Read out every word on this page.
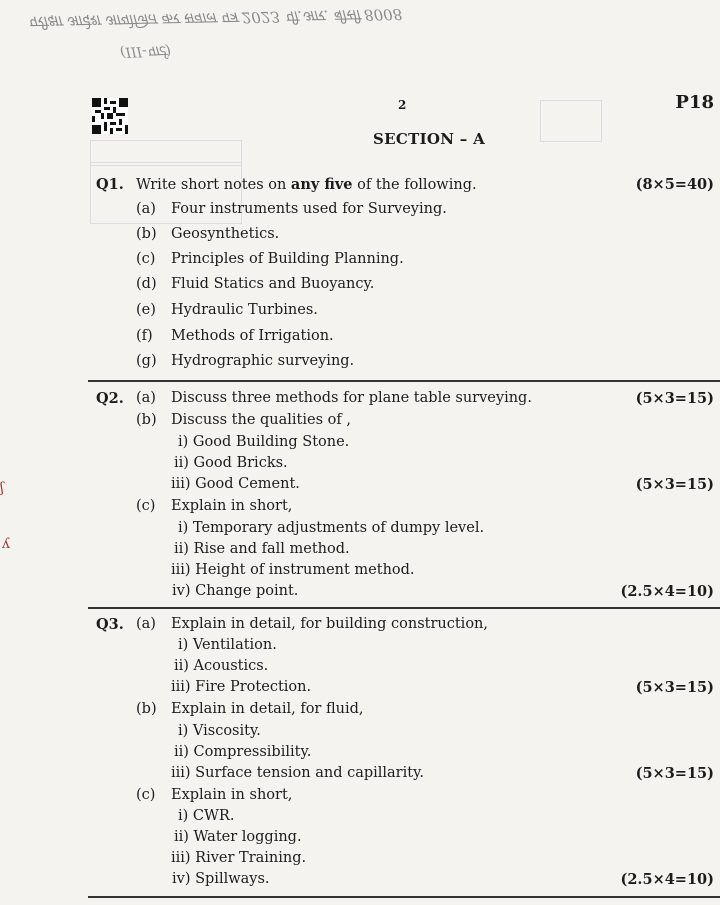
परीक्षा आदेश आयोजित कर सवाल पत्र 2023 पी.आर. बीसी 8008
(III-पार्ट)
2	P18
SECTION – A
ʃ
ʎ
Q1. Write short notes on any five of the following.	(8×5=40)
(a) Four instruments used for Surveying.
(b) Geosynthetics.
(c) Principles of Building Planning.
(d) Fluid Statics and Buoyancy.
(e) Hydraulic Turbines.
(f) Methods of Irrigation.
(g) Hydrographic surveying.
Q2. (a) Discuss three methods for plane table surveying.	(5×3=15)
(b) Discuss the qualities of ,
i) Good Building Stone.
ii) Good Bricks.
iii) Good Cement.	(5×3=15)
(c) Explain in short,
i) Temporary adjustments of dumpy level.
ii) Rise and fall method.
iii) Height of instrument method.
iv) Change point.	(2.5×4=10)
Q3. (a) Explain in detail, for building construction,
i) Ventilation.
ii) Acoustics.
iii) Fire Protection.	(5×3=15)
(b) Explain in detail, for fluid,
i) Viscosity.
ii) Compressibility.
iii) Surface tension and capillarity.	(5×3=15)
(c) Explain in short,
i) CWR.
ii) Water logging.
iii) River Training.
iv) Spillways.	(2.5×4=10)
